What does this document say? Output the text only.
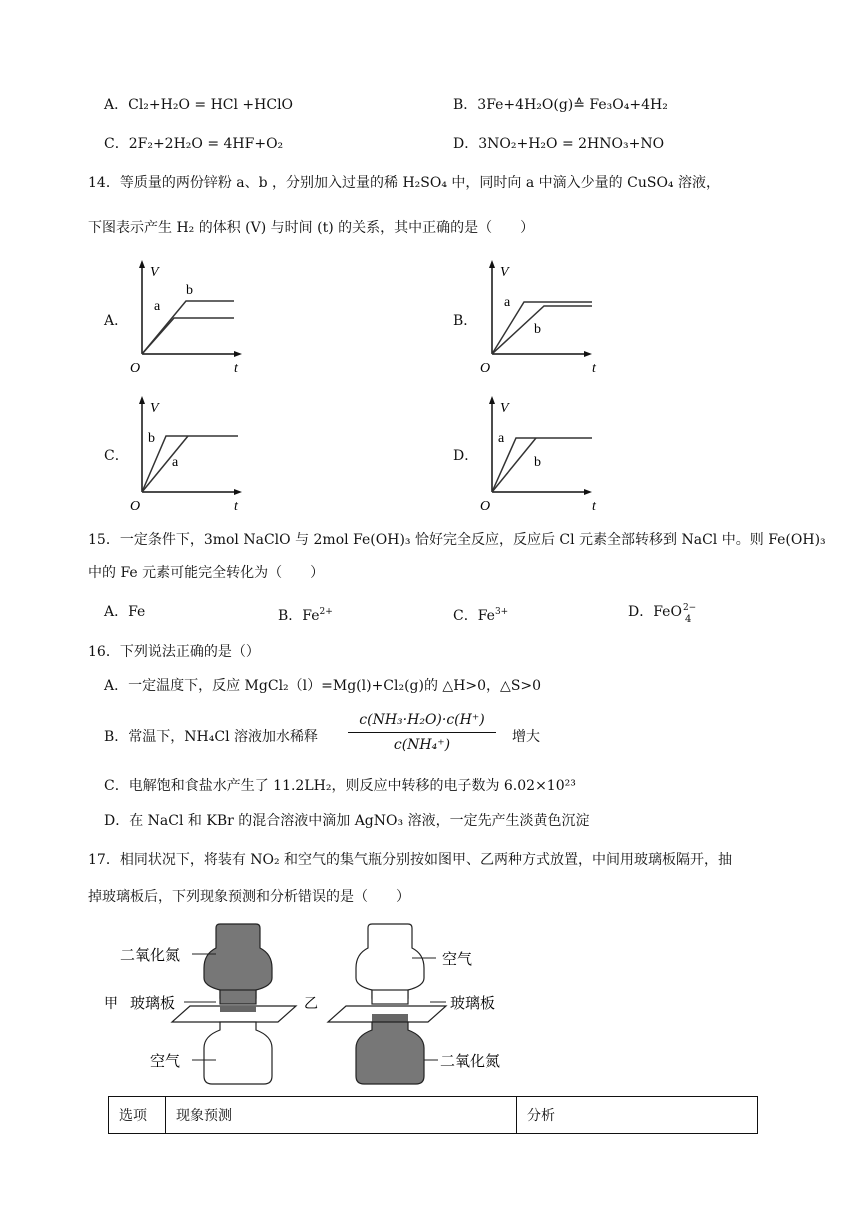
A．Cl₂+H₂O = HCl +HClO	B．3Fe+4H₂O(g)≙ Fe₃O₄+4H₂
C．2F₂+2H₂O = 4HF+O₂	D．3NO₂+H₂O = 2HNO₃+NO
14．等质量的两份锌粉 a、b ，分别加入过量的稀 H₂SO₄ 中，同时向 a 中滴入少量的 CuSO₄ 溶液，
下图表示产生 H₂ 的体积 (V) 与时间 (t) 的关系，其中正确的是（　　）
A．	B．
C．	D．
V
O	t
a
b
V
O	t
a
b
V
O	t
b
a
V
O	t
a
b
15．一定条件下，3mol NaClO 与 2mol Fe(OH)₃ 恰好完全反应，反应后 Cl 元素全部转移到 NaCl 中。则 Fe(OH)₃
中的 Fe 元素可能完全转化为（　　）
A．Fe	B．$Fe^{2+}$	C．$Fe^{3+}$	D．FeO 2−
4
16．下列说法正确的是（）
A．一定温度下，反应 MgCl₂（l）=Mg(l)+Cl₂(g)的 △H>0，△S>0
B．常温下，NH₄Cl 溶液加水稀释
c(NH₃·H₂O)·c(H⁺)
c(NH₄⁺)	增大
C．电解饱和食盐水产生了 11.2LH₂，则反应中转移的电子数为 6.02×10²³
D．在 NaCl 和 KBr 的混合溶液中滴加 AgNO₃ 溶液，一定先产生淡黄色沉淀
17．相同状况下，将装有 NO₂ 和空气的集气瓶分别按如图甲、乙两种方式放置，中间用玻璃板隔开，抽
掉玻璃板后，下列现象预测和分析错误的是（　　）
二氧化氮
玻璃板
甲
空气
乙
空气
玻璃板
二氧化氮
选项	现象预测	分析
